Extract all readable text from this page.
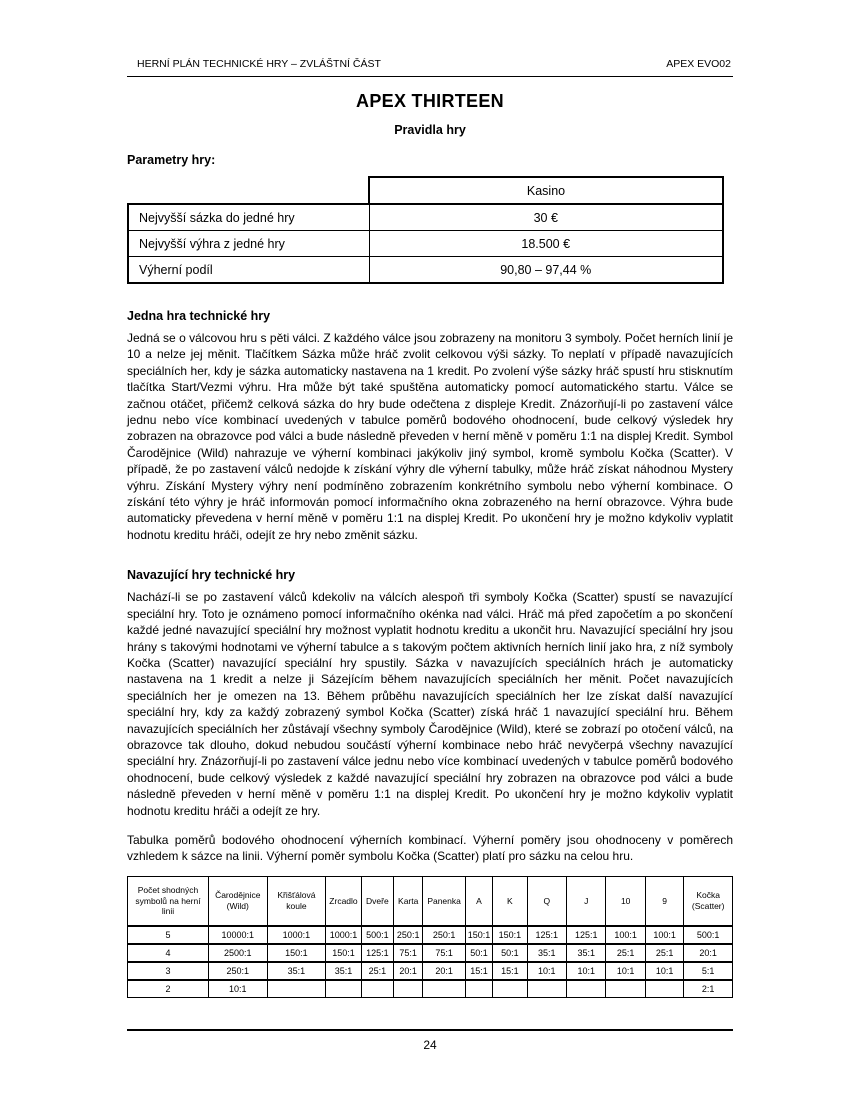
HERNÍ PLÁN TECHNICKÉ HRY – ZVLÁŠTNÍ ČÁST	APEX EVO02
APEX THIRTEEN
Pravidla hry
Parametry hry:
	Kasino
Nejvyšší sázka do jedné hry	30 €
Nejvyšší výhra z jedné hry	18.500 €
Výherní podíl	90,80 – 97,44 %
Jedna hra technické hry

Jedná se o válcovou hru s pěti válci. Z každého válce jsou zobrazeny na monitoru 3 symboly. Počet herních linií je 10 a nelze jej měnit. Tlačítkem Sázka může hráč zvolit celkovou výši sázky. To neplatí v případě navazujících speciálních her, kdy je sázka automaticky nastavena na 1 kredit. Po zvolení výše sázky hráč spustí hru stisknutím tlačítka Start/Vezmi výhru. Hra může být také spuštěna automaticky pomocí automatického startu. Válce se začnou otáčet, přičemž celková sázka do hry bude odečtena z displeje Kredit. Znázorňují-li po zastavení válce jednu nebo více kombinací uvedených v tabulce poměrů bodového ohodnocení, bude celkový výsledek hry zobrazen na obrazovce pod válci a bude následně převeden v herní měně v poměru 1:1 na displej Kredit. Symbol Čarodějnice (Wild) nahrazuje ve výherní kombinaci jakýkoliv jiný symbol, kromě symbolu Kočka (Scatter). V případě, že po zastavení válců nedojde k získání výhry dle výherní tabulky, může hráč získat náhodnou Mystery výhru. Získání Mystery výhry není podmíněno zobrazením konkrétního symbolu nebo výherní kombinace. O získání této výhry je hráč informován pomocí informačního okna zobrazeného na herní obrazovce. Výhra bude automaticky převedena v herní měně v poměru 1:1 na displej Kredit. Po ukončení hry je možno kdykoliv vyplatit hodnotu kreditu hráči, odejít ze hry nebo změnit sázku.

Navazující hry technické hry

Nachází-li se po zastavení válců kdekoliv na válcích alespoň tři symboly Kočka (Scatter) spustí se navazující speciální hry. Toto je oznámeno pomocí informačního okénka nad válci. Hráč má před započetím a po skončení každé jedné navazující speciální hry možnost vyplatit hodnotu kreditu a ukončit hru. Navazující speciální hry jsou hrány s takovými hodnotami ve výherní tabulce a s takovým počtem aktivních herních linií jako hra, z níž symboly Kočka (Scatter) navazující speciální hry spustily. Sázka v navazujících speciálních hrách je automaticky nastavena na 1 kredit a nelze ji Sázejícím během navazujících speciálních her měnit. Počet navazujících speciálních her je omezen na 13. Během průběhu navazujících speciálních her lze získat další navazující speciální hry, kdy za každý zobrazený symbol Kočka (Scatter) získá hráč 1 navazující speciální hru. Během navazujících speciálních her zůstávají všechny symboly Čarodějnice (Wild), které se zobrazí po otočení válců, na obrazovce tak dlouho, dokud nebudou součástí výherní kombinace nebo hráč nevyčerpá všechny navazující speciální hry. Znázorňují-li po zastavení válce jednu nebo více kombinací uvedených v tabulce poměrů bodového ohodnocení, bude celkový výsledek z každé navazující speciální hry zobrazen na obrazovce pod válci a bude následně převeden v herní měně v poměru 1:1 na displej Kredit. Po ukončení hry je možno kdykoliv vyplatit hodnotu kreditu hráči a odejít ze hry.

Tabulka poměrů bodového ohodnocení výherních kombinací. Výherní poměry jsou ohodnoceny v poměrech vzhledem k sázce na linii. Výherní poměr symbolu Kočka (Scatter) platí pro sázku na celou hru.

Počet shodných symbolů na herní linii	Čarodějnice (Wild)	Křišťálová koule	Zrcadlo	Dveře	Karta	Panenka	A	K	Q	J	10	9	Kočka (Scatter)
5	10000:1	1000:1	1000:1	500:1	250:1	250:1	150:1	150:1	125:1	125:1	100:1	100:1	500:1
4	2500:1	150:1	150:1	125:1	75:1	75:1	50:1	50:1	35:1	35:1	25:1	25:1	20:1
3	250:1	35:1	35:1	25:1	20:1	20:1	15:1	15:1	10:1	10:1	10:1	10:1	5:1
2	10:1												2:1
24
